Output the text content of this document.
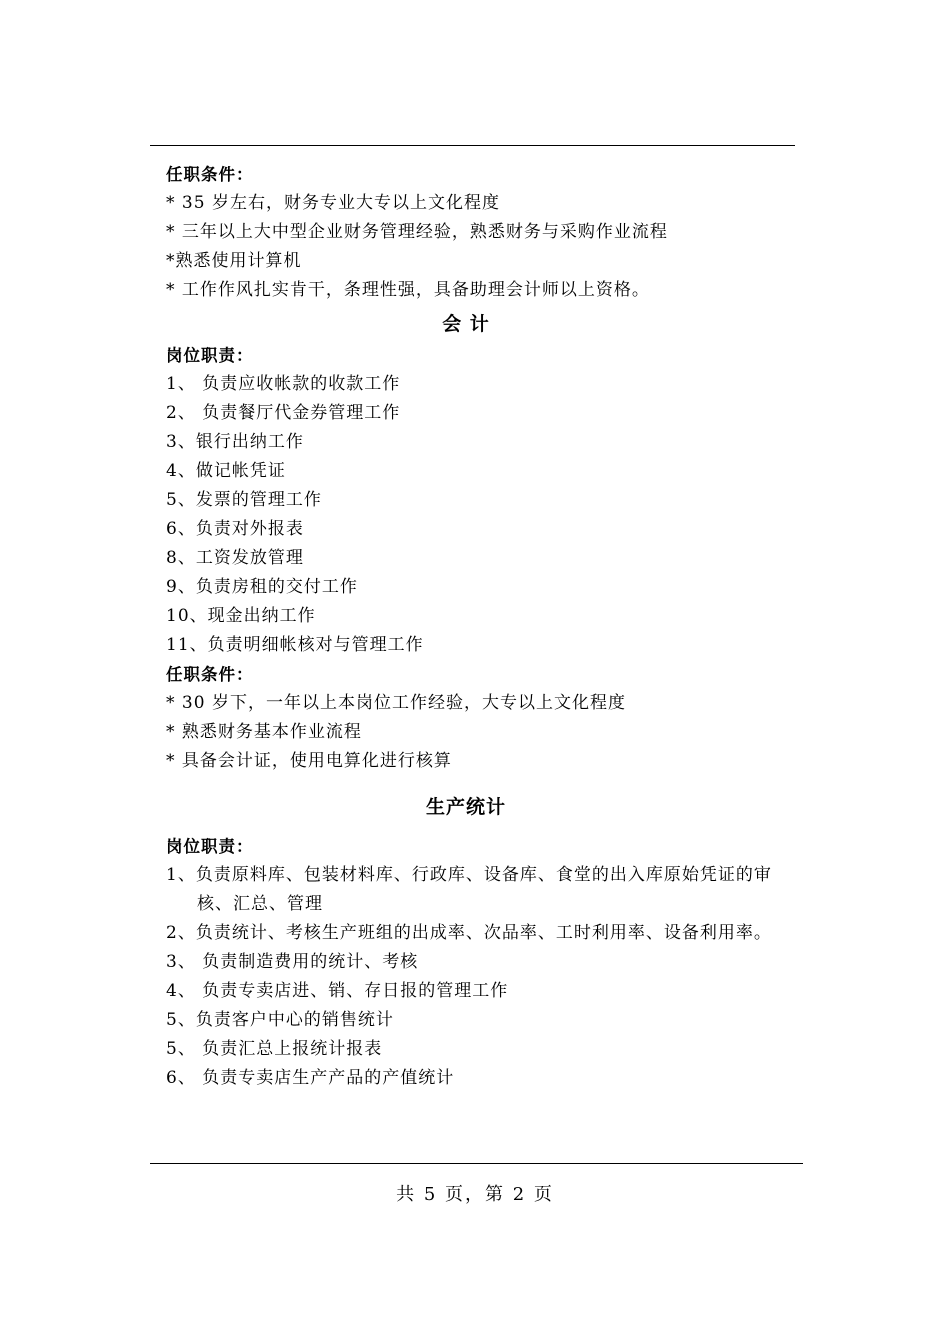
任职条件：
* 35 岁左右，财务专业大专以上文化程度
* 三年以上大中型企业财务管理经验，熟悉财务与采购作业流程
*熟悉使用计算机
* 工作作风扎实肯干，条理性强，具备助理会计师以上资格。
会 计
岗位职责：
1、 负责应收帐款的收款工作
2、 负责餐厅代金券管理工作
3、银行出纳工作
4、做记帐凭证
5、发票的管理工作
6、负责对外报表
8、工资发放管理
9、负责房租的交付工作
10、现金出纳工作
11、负责明细帐核对与管理工作
任职条件：
* 30 岁下，一年以上本岗位工作经验，大专以上文化程度
* 熟悉财务基本作业流程
* 具备会计证，使用电算化进行核算
生产统计
岗位职责：
1、负责原料库、包装材料库、行政库、设备库、食堂的出入库原始凭证的审核、汇总、管理
2、负责统计、考核生产班组的出成率、次品率、工时利用率、设备利用率。
3、 负责制造费用的统计、考核
4、 负责专卖店进、销、存日报的管理工作
5、负责客户中心的销售统计
5、 负责汇总上报统计报表
6、 负责专卖店生产产品的产值统计
共 5 页，第 2 页
